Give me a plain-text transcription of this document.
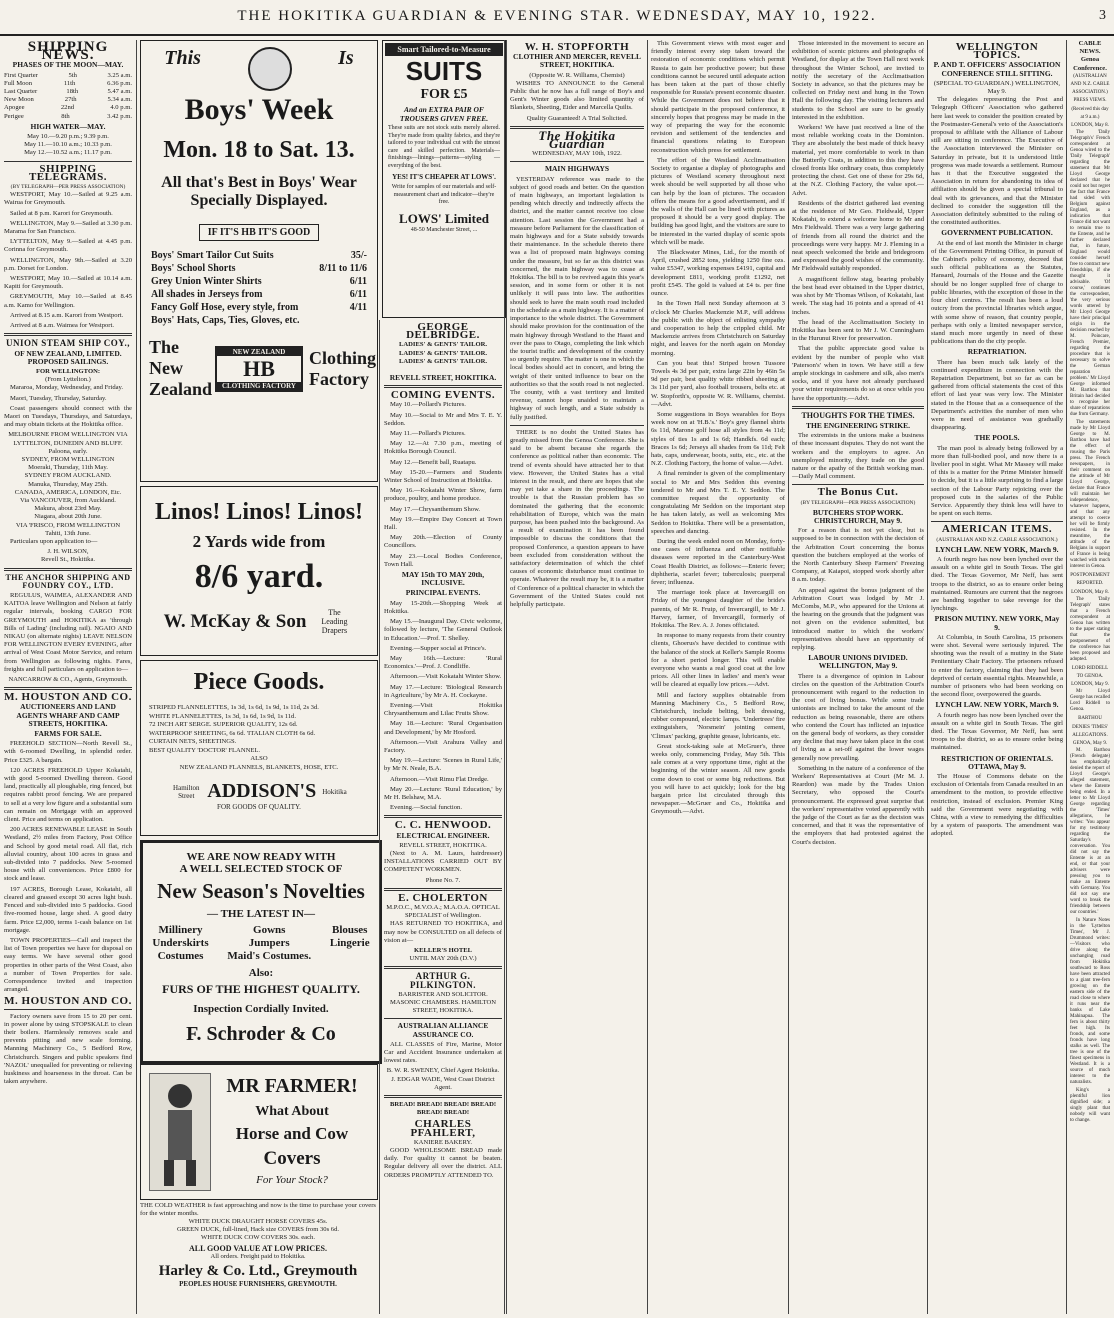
THE HOKITIKA GUARDIAN & EVENING STAR. WEDNESDAY, MAY 10, 1922.	3
SHIPPING NEWS.
PHASES OF THE MOON—MAY.
First Quarter	5th	3.25 a.m.
Full Moon	11th	6.36 p.m.
Last Quarter	18th	5.47 a.m.
New Moon	27th	5.34 a.m.
Apogee	22nd	4.0 p.m.
Perigee	8th	3.42 p.m.
HIGH WATER—MAY.
May 10.—9.20 p.m.; 9.39 p.m.
May 11.—10.10 a.m.; 10.33 p.m.
May 12.—10.52 a.m.; 11.17 p.m.
SHIPPING TELEGRAMS.
(BY TELEGRAPH—PER PRESS ASSOCIATION)
WESTPORT, May 10.—Sailed at 9.25 a.m. Wairua for Greymouth.
Sailed at 8 p.m. Karori for Greymouth.
WELLINGTON, May 9.—Sailed at 3.30 p.m. Marama for San Francisco.
LYTTELTON, May 9.—Sailed at 4.45 p.m. Corinna for Greymouth.
WELLINGTON, May 9th.—Sailed at 3.20 p.m. Dorset for London.
WESTPORT, May 10.—Sailed at 10.14 a.m. Kapiti for Greymouth.
GREYMOUTH, May 10.—Sailed at 8.45 a.m. Kamo for Wellington.
Arrived at 8.15 a.m. Karori from Westport.
Arrived at 8 a.m. Waimea for Westport.
UNION STEAM SHIP COY.,
OF NEW ZEALAND, LIMITED. PROPOSED SAILINGS.
FOR WELLINGTON:
(From Lyttelton.)
Mararoa, Monday, Wednesday, and Friday.
Maori, Tuesday, Thursday, Saturday.
Coast passengers should connect with the Maori on Tuesdays, Thursdays, and Saturdays, and may obtain tickets at the Hokitika office.
MELBOURNE FROM WELLINGTON VIA LYTTELTON, DUNEDIN AND BLUFF.
Paloona, early.
SYDNEY, FROM WELLINGTON
Moeraki, Thursday, 11th May.
SYDNEY FROM AUCKLAND.
Manuka, Thursday, May 25th.
CANADA, AMERICA, LONDON, Etc.
Via VANCOUVER, from Auckland.
Makura, about 23rd May.
Niagara, about 20th June.
VIA 'FRISCO, FROM WELLINGTON
Tahiti, 13th June.
Particulars upon application to—
J. H. WILSON,
Revell St., Hokitika.
THE ANCHOR SHIPPING AND FOUNDRY COY., LTD.
REGULUS, WAIMEA, ALEXANDER AND KAITOA leave Wellington and Nelson at fairly regular intervals, booking CARGO FOR GREYMOUTH and HOKITIKA as 'through Bills of Lading' (including rail). NGAIO AND NIKAU (on alternate nights) LEAVE NELSON FOR WELLINGTON EVERY EVENING, after arrival of West Coast Motor Service, and return from Wellington as following nights. Fares, freights and full particulars on application to—
NANCARROW & CO., Agents, Greymouth.
M. HOUSTON AND CO.
AUCTIONEERS AND LAND AGENTS WHARF AND CAMP STREETS, HOKITIKA.
FARMS FOR SALE.
FREEHOLD SECTION—North Revell St., with 6-roomed Dwelling, in splendid order. Price £325. A bargain.
120 ACRES FREEHOLD Upper Kokatahi, with good 5-roomed Dwelling thereon. Good land, practically all ploughable, ring fenced, but requires rabbit proof fencing. We are prepared to sell at a very low figure and a substantial sum can remain on Mortgage with an approved client. Price and terms on application.
200 ACRES RENEWABLE LEASE in South Westland, 2½ miles from Factory, Post Office and School by good metal road. All flat, rich alluvial country, about 100 acres in grass and sub-divided into 7 paddocks. New 5-roomed house with all conveniences. Price £800 for stock and lease.
197 ACRES, Borough Lease, Kokatahi, all cleared and grassed except 30 acres light bush. Fenced and sub-divided into 5 paddocks. Good five-roomed house, large shed. A good dairy farm. Price £2,000, terms 1-cash balance on 1st mortgage.
TOWN PROPERTIES—Call and inspect the list of Town properties we have for disposal on easy terms. We have several other good properties in other parts of the West Coast, also a number of Town Properties for sale. Correspondence invited and inspection arranged.
M. HOUSTON AND CO.
Factory owners save from 15 to 20 per cent. in power alone by using STOPSKALE to clean their boilers. Harmlessly removes scale and prevents pitting and new scale forming. Manning Machinery Co., 5 Bedford Row, Christchurch. Singers and public speakers find 'NAZOL' unequalled for preventing or relieving huskiness and hoarseness in the throat. Can be taken anywhere.
This	Is
Boys' Week
Mon. 18 to Sat. 13.
All that's Best in Boys' Wear
Specially Displayed.
IF IT'S HB IT'S GOOD
Boys' Smart Tailor Cut Suits	35/-
Boys' School Shorts	8/11 to 11/6
Grey Union Winter Shirts	6/11
All shades in Jerseys from	6/11
Fancy Golf Hose, every style, from	4/11
Boys' Hats, Caps, Ties, Gloves, etc.
The New Zealand
NEW ZEALAND
HB
CLOTHING FACTORY
Clothing Factory
Smart Tailored-to-Measure
SUITS
FOR £5
And an EXTRA PAIR OF TROUSERS GIVEN FREE.
These suits are not stock suits merely altered. They're made from quality fabrics, and they're tailored to your individual cut with the utmost care and skilled perfection. Materials—finishings—linings—patterns—styling —everything of the best.
YES! IT'S CHEAPER AT LOWS'.
Write for samples of our materials and self-measurement chart and indicator—they're free.
LOWS' Limited
48-50 Manchester Street, ...
Linos! Linos! Linos!
2 Yards wide from
8/6 yard.
W. McKay & Son	The Leading Drapers
Piece Goods.
STRIPED FLANNELETTES, 1s 3d, 1s 6d, 1s 9d, 1s 11d, 2s 3d.
WHITE FLANNELETTES, 1s 3d, 1s 6d, 1s 9d, 1s 11d.
72 INCH ART SERGE. SUPERIOR QUALITY, 12s 6d.
WATERPROOF SHEETING, 6s 6d. 'ITALIAN CLOTH 6s 6d.
CURTAIN NETS, SHEETINGS.
BEST QUALITY 'DOCTOR' FLANNEL.
ALSO
NEW ZEALAND FLANNELS, BLANKETS, HOSE, ETC.
Hamilton Street ADDISON'S Hokitika
FOR GOODS OF QUALITY.
WE ARE NOW READY WITH
A WELL SELECTED STOCK OF
New Season's Novelties
— THE LATEST IN—
Millinery
Underskirts
Costumes
Gowns
Jumpers
Maid's Costumes.
Blouses
Lingerie
Also:
FURS OF THE HIGHEST QUALITY.
Inspection Cordially Invited.
F. Schroder & Co
MR FARMER!
What About
Horse and Cow
Covers
For Your Stock?
THE COLD WEATHER is fast approaching and now is the time to purchase your covers for the winter months.
WHITE DUCK DRAUGHT HORSE COVERS 45s.
GREEN DUCK, full-lined, Hack size COVERS from 30s 6d.
WHITE DUCK COW COVERS 30s. each.
ALL GOOD VALUE AT LOW PRICES.
All orders. Freight paid to Hokitika.
Harley & Co. Ltd., Greymouth
PEOPLES HOUSE FURNISHERS, GREYMOUTH.
GEORGE DELBRIDGE.
LADIES' & GENTS' TAILOR.
LADIES' & GENTS' TAILOR.
LADIES' & GENTS' TAILOR.
REVELL STREET, HOKITIKA.
COMING EVENTS.
May 10.—Pollard's Pictures.
May 10.—Social to Mr and Mrs T. E. Y. Seddon.
May 11.—Pollard's Pictures.
May 12.—At 7.30 p.m., meeting of Hokitika Borough Council.
May 12.—Benefit ball, Ruatapu.
May 15-20.—Farmers and Students Winter School of Instruction at Hokitika.
May 16.—Kokatahi Winter Show, farm produce, poultry, and home produce.
May 17.—Chrysanthemum Show.
May 19.—Empire Day Concert at Town Hall.
May 20th.—Election of County Councillors.
May 23.—Local Bodies Conference, Town Hall.
MAY 15th TO MAY 20th, INCLUSIVE.
PRINCIPAL EVENTS.
May 15-20th.—Shopping Week at Hokitika.
May 15.—Inaugural Day. Civic welcome, followed by lecture, 'The General Outlook in Education.'—Prof. T. Shelley.
Evening.—Supper social at Prince's.
May 16th.—Lecture: 'Rural Economics.'—Prof. J. Condliffe.
Afternoon.—Visit Kokatahi Winter Show.
May 17.—Lecture: 'Biological Research in Agriculture,' by Mr A. H. Cockayne.
Evening.—Visit Hokitika Chrysanthemum and Lilac Fruits Show.
May 18.—Lecture: 'Rural Organisation and Development,' by Mr Hosford.
Afternoon.—Visit Arahura Valley and Factory.
May 19.—Lecture: 'Scenes in Rural Life,' by Mr N. Neale, B.A.
Afternoon.—Visit Rimu Flat Dredge.
May 20.—Lecture: 'Rural Education,' by Mr H. Belshaw, M.A.
Evening.—Social function.
C. C. HENWOOD.
ELECTRICAL ENGINEER.
REVELL STREET, HOKITIKA.
(Next to A. M. Laurs, hairdresser) INSTALLATIONS CARRIED OUT BY COMPETENT WORKMEN.
Phone No. 7.
E. CHOLERTON
M.P.O.C., M.V.O.A.; M.A.O.A. OPTICAL SPECIALIST of Wellington.
HAS RETURNED TO HOKITIKA, and may now be CONSULTED on all defects of vision at—
KELLER'S HOTEL
UNTIL MAY 20th (D.V.)
ARTHUR G. PILKINGTON.
BARRISTER AND SOLICITOR.
MASONIC CHAMBERS. HAMILTON STREET, HOKITIKA.
AUSTRALIAN ALLIANCE ASSURANCE CO.
ALL CLASSES of Fire, Marine, Motor Car and Accident Insurance undertaken at lowest rates.
B. W. R. SWENEY, Chief Agent Hokitika.
J. EDGAR WADE, West Coast District Agent.
BREAD! BREAD! BREAD! BREAD! BREAD! BREAD!
CHARLES PFAHLERT,
KANIERE BAKERY.
GOOD WHOLESOME BREAD made daily. For quality it cannot be beaten. Regular delivery all over the district. ALL ORDERS PROMPTLY ATTENDED TO.
W. H. STOPFORTH
CLOTHIER AND MERCER, REVELL STREET, HOKITIKA.
(Opposite W. R. Williams, Chemist)
WISHES TO ANNOUNCE to the General Public that he now has a full range of Boy's and Gent's Winter goods also limited quantity of Blankets, Sheeting, Eider and Marcella Quilts.
Quality Guaranteed! A Trial Solicited.
The Hokitika Guardian
WEDNESDAY, MAY 10th, 1922.
MAIN HIGHWAYS
YESTERDAY reference was made to the subject of good roads and better. On the question of main highways, an important legislation is pending which directly and indirectly affects the district, and the matter cannot receive too close attention. Last session the Government had a measure before Parliament for the classification of main highways and for a State subsidy towards their maintenance. In the schedule thereto there was a list of proposed main highways coming under the measure, but so far as this district was concerned, the main highway was to cease at Hokitika. The bill is to be revived again this year's session, and in some form or other it is not unlikely it will pass into law. The authorities should seek to have the main south road included in the schedule as a main highway. It is a matter of importance to the whole district. The Government should make provision for the continuation of the main highway through Westland to the Haast and over the pass to Otago, completing the link which the tourist traffic and development of the country so urgently require. The matter is one in which the local bodies should act in concert, and bring the weight of their united influence to bear on the authorities so that the south road is not neglected. The county, with a vast territory and limited revenue, cannot hope unaided to maintain a highway of such length, and a State subsidy is fully justified.
THERE is no doubt the United States has greatly missed from the Genoa Conference. She is said to be absent because she regards the conference as political rather than economic. The trend of events should have attracted her to that view. However, the United States has a vital interest in the result, and there are hopes that she may yet take a share in the proceedings. The trouble is that the Russian problem has so dominated the gathering that the economic rehabilitation of Europe, which was the main purpose, has been pushed into the background. As a result of examination it has been found impossible to discuss the conditions that the proposed Conference, a question appears to have been excluded from consideration without the satisfactory determination of which the chief causes of economic disturbance must continue to operate. Whatever the result may be, it is a matter of Conference of a political character in which the Government of the United States could not helpfully participate.
This Government views with most eager and friendly interest every step taken toward the restoration of economic conditions which permit Russia to gain her productive power; but these conditions cannot be secured until adequate action has been taken at the part of those chiefly responsible for Russia's present economic disaster. While the Government does not believe that it should participate in the proposed conference, it sincerely hopes that progress may be made in the way of preparing the way for the economic revision and settlement of the tendencies and financial questions relating to European reconstruction which press for settlement.
The effort of the Westland Acclimatisation Society to organise a display of photographs and pictures of Westland scenery throughout next week should be well supported by all those who can help by the loan of pictures. The occasion offers the means for a good advertisement, and if the walls of the Hall can be lined with pictures as proposed it should be a very good display. The building has good light, and the visitors are sure to be interested in the varied display of scenic spots which will be made.
The Blackwater Mines, Ltd., for the month of April, crushed 2852 tons, yielding 1250 fine ozs. value £5347, working expenses £4191, capital and development £811, working profit £1292, net profit £545. The gold is valued at £4 ts. per fine ounce.
In the Town Hall next Sunday afternoon at 3 o'clock Mr Charles Mackenzie M.P., will address the public with the object of enlisting sympathy and cooperation to help the crippled child. Mr Mackenzie arrives from Christchurch on Saturday night, and leaves for the north again on Monday morning.
Can you beat this! Striped brown Tussore Towels 4s 3d per pair, extra large 22in by 46in 5s 9d per pair, best quality white ribbed sheeting at 3s 11d per yard, also football trousers, belts etc. at W. Stopforth's, opposite W. R. Williams, chemist.—Advt.
Some suggestions in Boys wearables for Boys week now on at 'H.B.'s.' Boy's grey flannel shirts 6s 11d, Marone golf hose all styles from 4s 11d; styles of ties 1s and 1s 6d; Handkfs. 6d each; Braces 1s 6d; Jerseys all shades from 6s 11d; Felt hats, caps, underwear, boots, suits, etc., etc. at the N.Z. Clothing Factory, the home of value.—Advt.
A final reminder is given of the complimentary social to Mr and Mrs Seddon this evening tendered to Mr and Mrs T. E. Y. Seddon. The committee request the opportunity of congratulating Mr Seddon on the important step he has taken lately, as well as welcoming Mrs Seddon to Hokitika. There will be a presentation, speeches and dancing.
During the week ended noon on Monday, forty-one cases of influenza and other notifiable diseases were reported in the Canterbury-West Coast Health District, as follows:—Enteric fever; diphtheria, scarlet fever; tuberculosis; puerperal fever; influenza.
The marriage took place at Invercargill on Friday of the youngest daughter of the bride's parents, of Mr R. Fruip, of Invercargill, to Mr J. Harvey, farmer, of Invercargill, formerly of Hokitika. The Rev. A. J. Jones officiated.
In response to many requests from their country clients, Ghoerus's have decided to continue with the balance of the stock at Keller's Sample Rooms for a short period longer. This will enable everyone who wants a real good coat at the low prices. All other lines in ladies' and men's wear will be cleared at equally low prices.—Advt.
Mill and factory supplies obtainable from Manning Machinery Co., 5 Bedford Row, Christchurch, include belting, belt dressing, rubber compound, electric lamps. 'Undertrees' fire extinguishers, 'Norsmein' jointing cement, 'Climax' packing, graphite grease, lubricants, etc.
Great stock-taking sale at McGruer's, three weeks only, commencing Friday, May 5th. This sale comes at a very opportune time, right at the beginning of the winter season. All new goods come down to cost or some big reductions. But you will have to act quickly; look for the big bargain price list circulated through this newspaper.—McGruer and Co., Hokitika and Greymouth.—Advt.
Those interested in the movement to secure an exhibition of scenic pictures and photographs of Westland, for display at the Town Hall next week throughout the Winter School, are invited to notify the secretary of the Acclimatisation Society in advance, so that the pictures may be collected on Friday next and hung in the Town Hall the following day. The visiting lecturers and students to the School are sure to be greatly interested in the exhibition.
Workers! We have just received a line of the most reliable working coats in the Dominion. They are absolutely the best made of thick heavy material, yet more comfortable to work in than the Butterfly Coats, in addition to this they have closed fronts like ordinary coats, thus completely protecting the chest. Get one of these for 29s 6d, at the N.Z. Clothing Factory, the value spot.—Advt.
Residents of the district gathered last evening at the residence of Mr Geo. Fieldwald, Upper Kokatahi, to extend a welcome home to Mr and Mrs Fieldwald. There was a very large gathering of friends from all round the district and the proceedings were very happy. Mr J. Fleming in a neat speech welcomed the bride and bridegroom and expressed the good wishes of the community. Mr Fieldwald suitably responded.
A magnificent fellow stag, bearing probably the best head ever obtained in the Upper district, was shot by Mr Thomas Wilson, of Kokatahi, last week. The stag had 16 points and a spread of 41 inches.
The head of the Acclimatisation Society in Hokitika has been sent to Mr J. W. Cunningham in the Hurunui River for preservation.
That the public appreciate good value is evident by the number of people who visit 'Paterson's' when in town. We have still a few ample stockings in cashmere and silk, also men's socks, and if you have not already purchased your winter requirements do so at once while you have the opportunity.—Advt.
THOUGHTS FOR THE TIMES.
THE ENGINEERING STRIKE.
The extremists in the unions make a business of these incessant disputes. They do not want the workers and the employers to agree. An unemployed minority, they trade on the good nature or the apathy of the British working man.—Daily Mail comment.
The Bonus Cut.
(BY TELEGRAPH—PER PRESS ASSOCIATION)
BUTCHERS STOP WORK. CHRISTCHURCH, May 9.
For a reason that is not yet clear, but is supposed to be in connection with the decision of the Arbitration Court concerning the bonus question the butchers employed at the works of the North Canterbury Sheep Farmers' Freezing Company, at Kaiapoi, stopped work shortly after 8 a.m. today.
An appeal against the bonus judgment of the Arbitration Court was lodged by Mr J. McCombs, M.P., who appeared for the Unions at the hearing on the grounds that the judgment was not given on the evidence submitted, but introduced matter to which the workers' representatives should have an opportunity of replying.
LABOUR UNIONS DIVIDED. WELLINGTON, May 9.
There is a divergence of opinion in Labour circles on the question of the Arbitration Court's pronouncement with regard to the reduction in the cost of living bonus. While some trade unionists are inclined to take the amount of the reduction as being reasonable, there are others who contend the Court has inflicted an injustice on the general body of workers, as they consider any decline that may have taken place in the cost of living as a set-off against the lower wages generally now prevailing.
Something in the nature of a conference of the Workers' Representatives at Court (Mr M. J. Reardon) was made by the Trades Union Secretary, who opposed the Court's pronouncement. He expressed great surprise that the workers' representative voted apparently with the judge of the Court as far as the decision was concerned, and that it was the representative of the employers that had protested against the Court's decision.
WELLINGTON TOPICS.
P. AND T. OFFICERS' ASSOCIATION CONFERENCE STILL SITTING.
(SPECIAL TO GUARDIAN.) WELLINGTON, May 9.
The delegates representing the Post and Telegraph Officers' Association who gathered here last week to consider the position created by the Postmaster-General's veto of the Association's proposal to affiliate with the Alliance of Labour still are sitting in conference. The Executive of the Association interviewed the Minister on Saturday in private, but it is understood little progress was made towards a settlement. Rumour has it that the Executive suggested the Association in return for abandoning its idea of affiliation should be given a special tribunal to deal with its grievances, and that the Minister declined to consider the suggestion till the Association definitely submitted to the ruling of the constituted authorities.
GOVERNMENT PUBLICATION.
At the end of last month the Minister in charge of the Government Printing Office, in pursuit of the Cabinet's policy of economy, decreed that such official publications as the Statutes, Hansard, Journals of the House and the Gazette should be no longer supplied free of charge to public libraries, with the exception of those in the four chief centres. The result has been a loud outcry from the provincial libraries which argue, with some show of reason, that country people, perhaps with only a limited newspaper service, stand much more urgently in need of these publications than do the city people.
REPATRIATION.
There has been much talk lately of the continued expenditure in connection with the Repatriation Department, but so far as can be gathered from official statements the cost of this effort of last year was very low. The Minister stated in the House that as a consequence of the Department's activities the number of men who were in need of assistance was gradually disappearing.
THE POOLS.
The man pool is already being followed by a more than full-bodied pool, and now there is a livelier pool in sight. What Mr Massey will make of this is a matter for the Prime Minister himself to decide, but it is a little surprising to find a large section of the Labour Party rejoicing over the proposed cuts in the salaries of the Public Service. Apparently they think less will have to be spent on such items.
AMERICAN ITEMS.
(AUSTRALIAN AND N.Z. CABLE ASSOCIATION.)
LYNCH LAW. NEW YORK, March 9.
A fourth negro has now been lynched over the assault on a white girl in South Texas. The girl died. The Texas Governor, Mr Neff, has sent troops to the district, so as to ensure order being maintained. Rumours are current that the negroes are banding together to take revenge for the lynchings.
PRISON MUTINY. NEW YORK, May 9.
At Columbia, in South Carolina, 15 prisoners were shot. Several were seriously injured. The shooting was the result of a mutiny in the State Penitentiary Chair Factory. The prisoners refused to enter the factory, claiming that they had been deprived of certain essential rights. Meanwhile, a number of prisoners who had been working on the second floor, overpowered the guards.
LYNCH LAW. NEW YORK, March 9.
A fourth negro has now been lynched over the assault on a white girl in South Texas. The girl died. The Texas Governor, Mr Neff, has sent troops to the district, so as to ensure order being maintained.
RESTRICTION OF ORIENTALS. OTTAWA, May 9.
The House of Commons debate on the exclusion of Orientals from Canada resulted in an amendment to the motion, to provide effective restriction, instead of exclusion. Premier King said the Government were negotiating with China, with a view to remedying the difficulties by a system of passports. The amendment was adopted.
CABLE NEWS.
Genoa Conference.
(AUSTRALIAN AND N.Z. CABLE ASSOCIATION.)
PRESS VIEWS. (Received this day at 9 a.m.) LONDON, May 8.
The 'Daily Telegraph's' French correspondent at Genoa wired to the 'Daily Telegraph' regarding the statement that Mr Lloyd George declared that he could not but regret the fact that France had sided with Belgium against England, as a indication that France did not want to remain true to the Entente, and he further declared that, in future, England would consider herself free to contract new friendships, if she thought it advisable. 'Of course,' continues the correspondent, 'the very serious words uttered by Mr Lloyd George have their principal origin in the decision reached by M. Poincare, French Premier, regarding the procedure that is necessary to solve the German reparation problem.' Mr Lloyd George informed M. Barthou that Britain had decided to recognise her share of reparations due from Germany.
The statements made by Mr Lloyd George to M. Barthou have had the effect of rousing the Paris press. The French newspapers, in their comment on the attitude of Mr Lloyd George, declare that France will maintain her independence, whatever happens, and that any attempt to coerce her will be firmly resisted. In the meantime, the attitude of the Belgians in support of France is being watched with much interest in Genoa.
POSTPONEMENT REPORTED. LONDON, May 8.
The 'Daily Telegraph' states that a French correspondent at Genoa has written to the paper stating that the postponement of the conference has been proposed and adopted.
LORD RIDDELL TO GENOA. LONDON, May 9.
Mr Lloyd George has recalled Lord Riddell to Genoa.
BARTHOU DENIES 'TIMES' ALLEGATIONS. GENOA, May 9.
M. Barthou (French delegate) has emphatically denied the report of Lloyd George's alleged statement, where the Entente being ended. In a letter to Mr Lloyd George regarding the 'Times' allegations, he writes: 'You appear for my testimony regarding the Saturday's conversation. You did not say the Entente is at an end, or that your advisers were pressing you to make an Entente with Germany. You did not say one word to break the friendship between our countries.'
In Nature Notes in the 'Lyttelton Times', Mr J. Drummond writes:—Visitors who drive along the unchanging road from Hokitika southward to Ross have been attracted to a giant tree-fern growing on the eastern side of the road close to where it runs near the banks of Lake Mahinapua. The fern is about thirty feet high. Its fronds, and some fronds have long stalks as well. The tree is one of the finest specimens in Westland. It is a source of much interest to the naturalists.
King's a plentiful lion dignified side; a singly plant that nobody will want to change.
